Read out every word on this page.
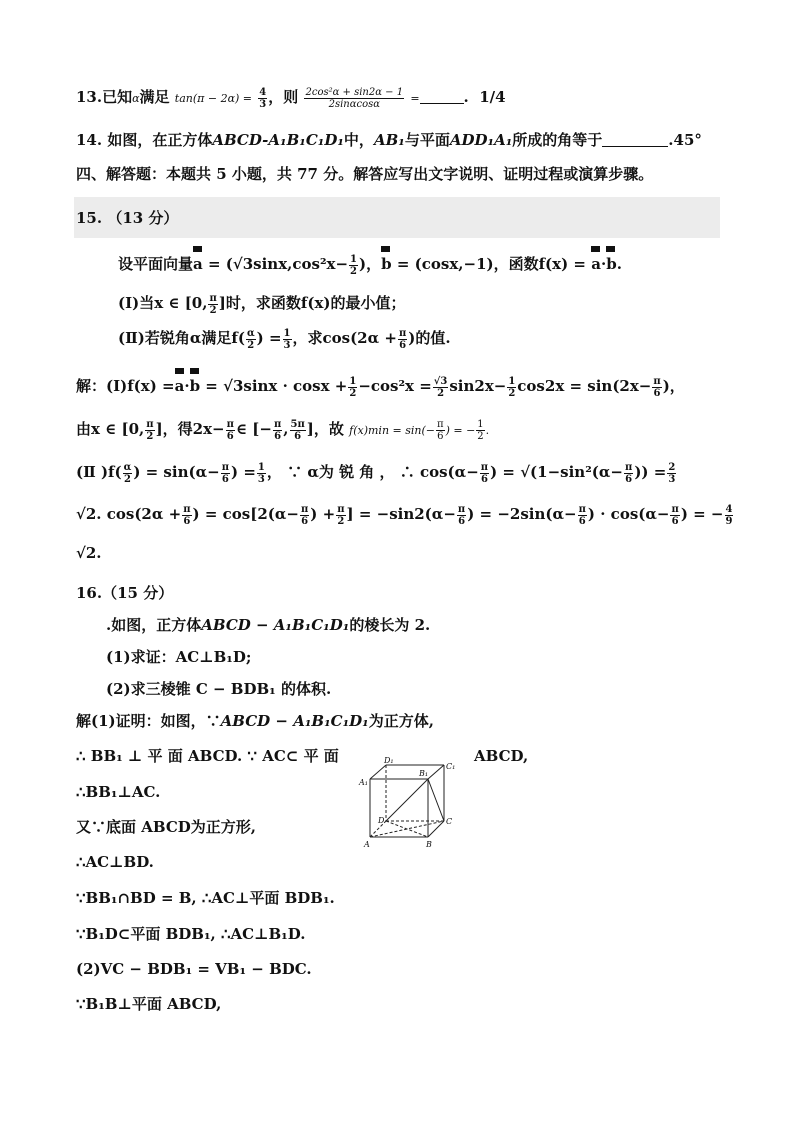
13.已知α满足 $\tan(\pi - 2\alpha) = \frac{4}{3}$ ，则 $\frac{\text{2cos²α + sin2α − 1}}{2\sin\alpha\cos\alpha}$ =	.  1/4
14. 如图，在正方体ABCD-A₁B₁C₁D₁中，AB₁与平面ADD₁A₁所成的角等于	.45°
四、解答题：本题共 5 小题，共 77 分。解答应写出文字说明、证明过程或演算步骤。
15. （13 分）
设平面向量
$a = (√3\sin x,\cos^2x- \frac{1}{2}$ )，
b = (cosx,−1)，函数f(x) = a·
b.
(Ⅰ)当x ∈ [0, $\frac{\pi}{2}$ ]时，求函数f(x)的最小值；
(Ⅱ)若锐角α满足$f( \frac{\alpha}{2}$ ) = $\frac{1}{3}$ ，求$\cos(2\alpha + \frac{\pi}{6}$ )的值.
解：(Ⅰ)f(x) =
a·
$b = √3\sin x \cdot \cos x + \frac{1}{2} -\cos^2x = \frac{√3}{2} \sin 2x- \frac{1}{2} \cos 2x = \sin(2x- \frac{\pi}{6}$ )，
由x ∈ [0, $\frac{\pi}{2}$ ]，得$2x- \frac{\pi}{6}$ ∈ [− $\frac{\pi}{6}$ , $\frac{5\pi}{6}$ ]，故 $f(x)\min = \sin(- \frac{\pi}{6}$ ) = − $\frac{1}{2}$ .
(Ⅱ )$f( \frac{\alpha}{2}$ ) = $\sin(\alpha- \frac{\pi}{6}$ ) = $\frac{1}{3}$ ， ∵ α为 锐 角 ， ∴ $\cos(\alpha- \frac{\pi}{6}$ ) = $√(1-\sin^2(\alpha- \frac{\pi}{6}$ )) = $\frac{2}{3}$
√2. $\cos(2\alpha + \frac{\pi}{6}$ ) = $\cos[2(\alpha- \frac{\pi}{6}$ ) + $\frac{\pi}{2}$ ] = $-\sin 2(\alpha- \frac{\pi}{6}$ ) = $-2\sin(\alpha- \frac{\pi}{6}$ ) · $\cos(\alpha- \frac{\pi}{6}$ ) = − $\frac{4}{9}$
√2.
16.（15 分）
.如图，正方体ABCD − A₁B₁C₁D₁的棱长为 2.
(1)求证：AC⊥B₁D;
(2)求三棱锥 C − BDB₁ 的体积.
解(1)证明：如图，∵ABCD − A₁B₁C₁D₁为正方体,
∴ BB₁ ⊥ 平 面 ABCD. ∵ AC⊂ 平 面	ABCD,
∴BB₁⊥AC.
又∵底面 ABCD为正方形,
∴AC⊥BD.
∵BB₁∩BD = B, ∴AC⊥平面 BDB₁.
∵B₁D⊂平面 BDB₁, ∴AC⊥B₁D.
(2)VC − BDB₁ = VB₁ − BDC.
∵B₁B⊥平面 ABCD,
D₁
B₁
C₁
A₁
D	C
A	B
